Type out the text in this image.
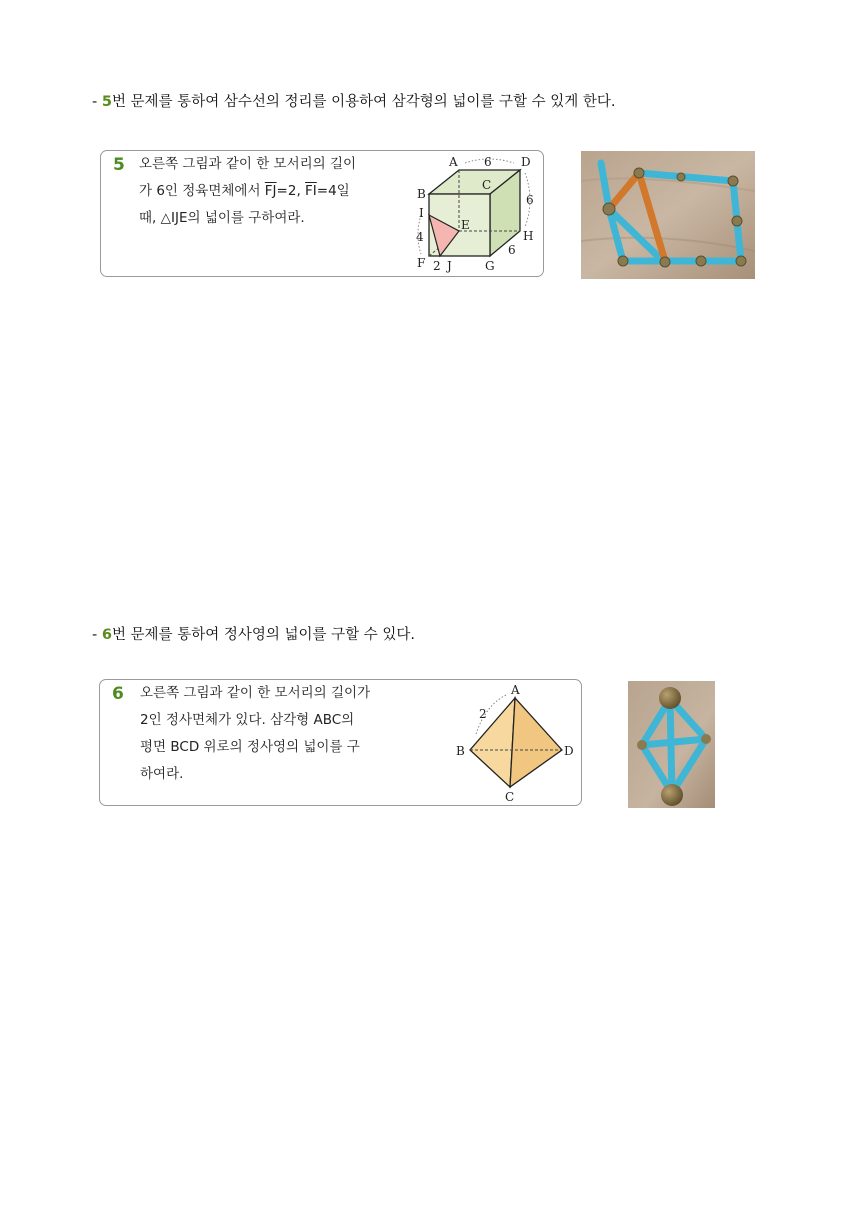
- 5번 문제를 통하여 삼수선의 정리를 이용하여 삼각형의 넓이를 구할 수 있게 한다.
5 오른쪽 그림과 같이 한 모서리의 길이
가 6인 정육면체에서 $\overline{FJ}=2$, $\overline{FI}=4$일
때, △IJE의 넓이를 구하여라.
A	D
B
C
I
E
H
F J	G
6
6
6
4
2
- 6번 문제를 통하여 정사영의 넓이를 구할 수 있다.
6 오른쪽 그림과 같이 한 모서리의 길이가
2인 정사면체가 있다. 삼각형 ABC의
평면 BCD 위로의 정사영의 넓이를 구
하여라.
A
B	D
C
2
